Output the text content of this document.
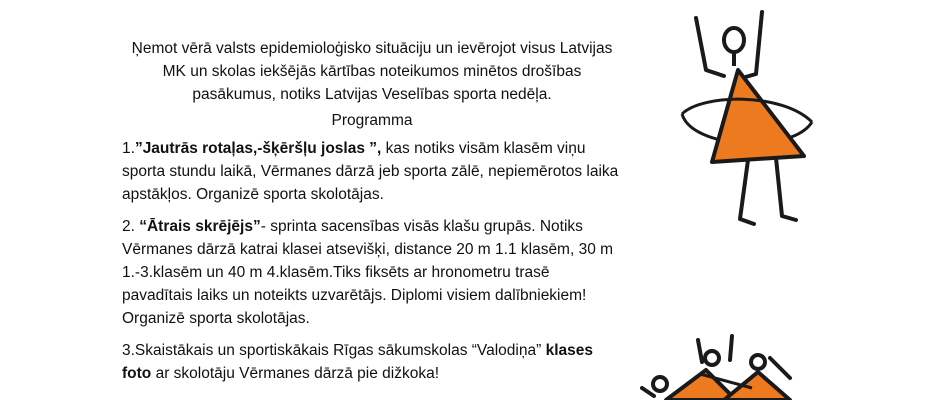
Ņemot vērā valsts epidemioloģisko situāciju un ievērojot visus Latvijas
MK un skolas iekšējās kārtības noteikumos minētos drošības
pasākumus, notiks Latvijas Veselības sporta nedēļa.
Programma
1.”Jautrās rotaļas,-šķēršļu joslas ”, kas notiks visām klasēm viņu sporta stundu laikā, Vērmanes dārzā jeb sporta zālē, nepiemērotos laika apstākļos. Organizē sporta skolotājas.
2. “Ātrais skrējējs”- sprinta sacensības visās klašu grupās. Notiks Vērmanes dārzā katrai klasei atsevišķi, distance 20 m 1.1 klasēm, 30 m 1.-3.klasēm un 40 m 4.klasēm.Tiks fiksēts ar hronometru trasē pavadītais laiks un noteikts uzvarētājs. Diplomi visiem dalībniekiem! Organizē sporta skolotājas.
3.Skaistākais un sportiskākais Rīgas sākumskolas “Valodiņa” klases foto ar skolotāju Vērmanes dārzā pie dižkoka!
